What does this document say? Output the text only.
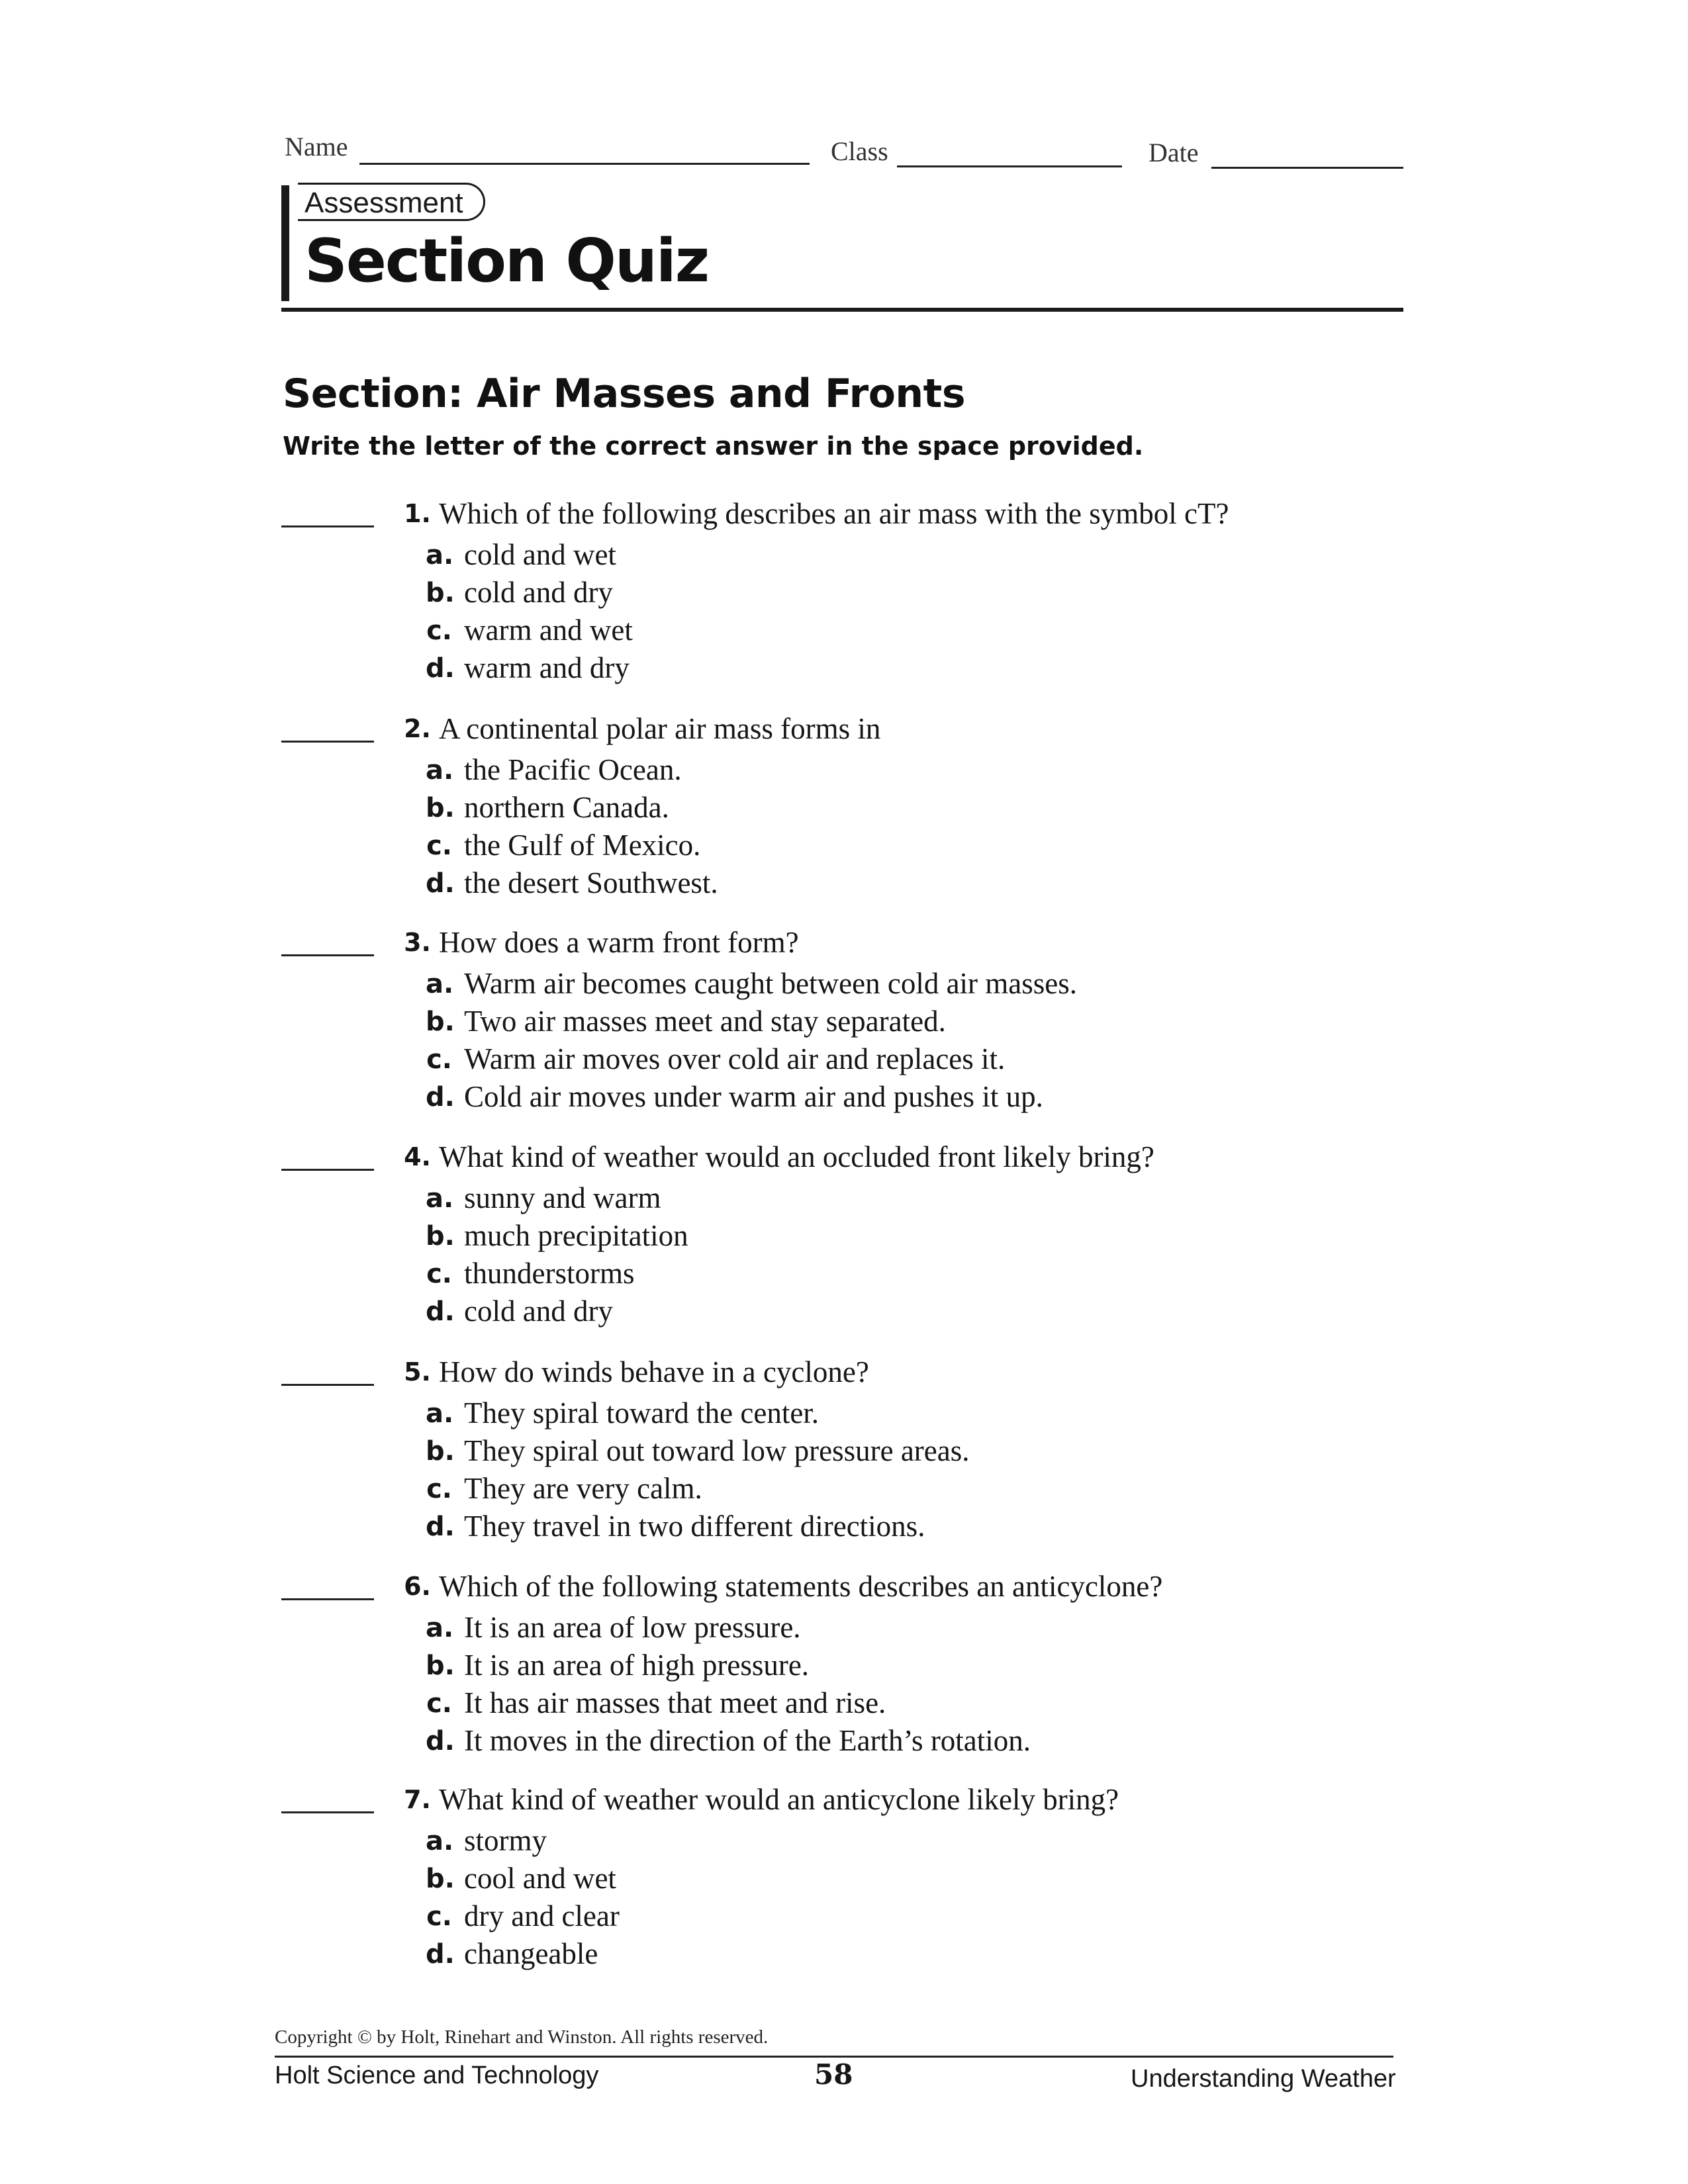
Name	Class	Date
Assessment
Section Quiz
Section: Air Masses and Fronts
Write the letter of the correct answer in the space provided.
1. Which of the following describes an air mass with the symbol cT?
a. cold and wet
b. cold and dry
c. warm and wet
d. warm and dry
2. A continental polar air mass forms in
a. the Pacific Ocean.
b. northern Canada.
c. the Gulf of Mexico.
d. the desert Southwest.
3. How does a warm front form?
a. Warm air becomes caught between cold air masses.
b. Two air masses meet and stay separated.
c. Warm air moves over cold air and replaces it.
d. Cold air moves under warm air and pushes it up.
4. What kind of weather would an occluded front likely bring?
a. sunny and warm
b. much precipitation
c. thunderstorms
d. cold and dry
5. How do winds behave in a cyclone?
a. They spiral toward the center.
b. They spiral out toward low pressure areas.
c. They are very calm.
d. They travel in two different directions.
6. Which of the following statements describes an anticyclone?
a. It is an area of low pressure.
b. It is an area of high pressure.
c. It has air masses that meet and rise.
d. It moves in the direction of the Earth’s rotation.
7. What kind of weather would an anticyclone likely bring?
a. stormy
b. cool and wet
c. dry and clear
d. changeable
Copyright © by Holt, Rinehart and Winston. All rights reserved.
Holt Science and Technology	58	Understanding Weather
